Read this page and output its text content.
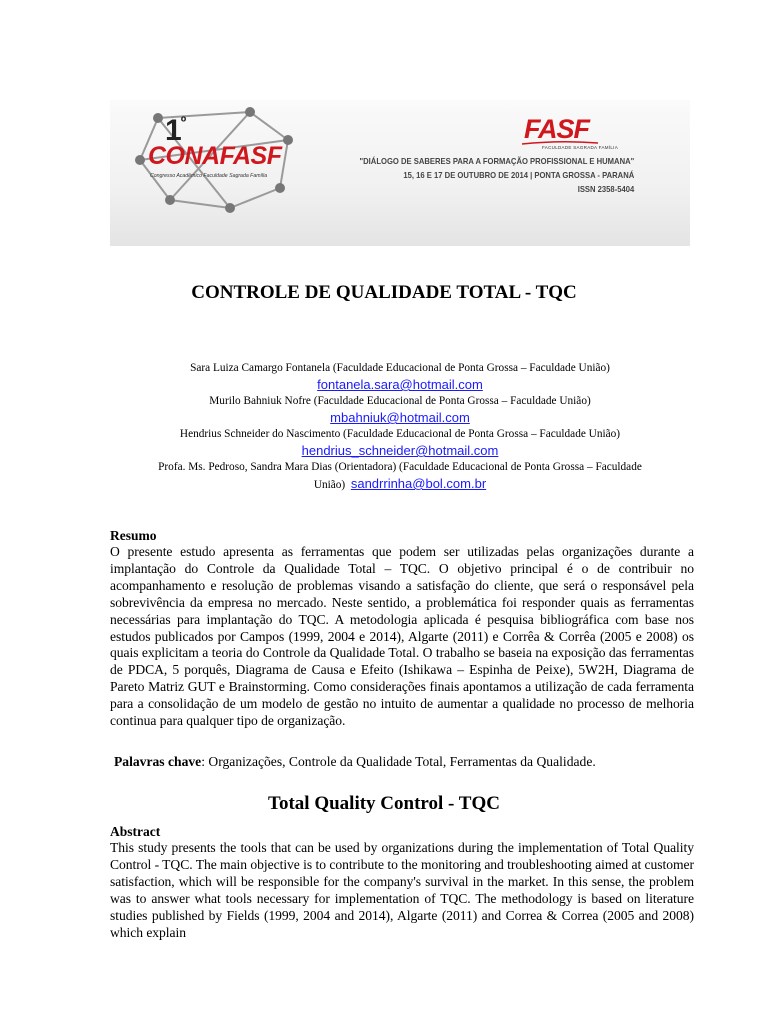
$1^º$
CONAFASF
Congresso Acadêmico Faculdade Sagrada Família
FASF
FACULDADE SAGRADA FAMÍLIA
"DIÁLOGO DE SABERES PARA A FORMAÇÃO PROFISSIONAL E HUMANA"
15, 16 E 17 DE OUTUBRO DE 2014 | PONTA GROSSA - PARANÁ
ISSN 2358-5404
CONTROLE DE QUALIDADE TOTAL - TQC
Sara Luiza Camargo Fontanela (Faculdade Educacional de Ponta Grossa – Faculdade União)
fontanela.sara@hotmail.com
Murilo Bahniuk Nofre (Faculdade Educacional de Ponta Grossa – Faculdade União)
mbahniuk@hotmail.com
Hendrius Schneider do Nascimento (Faculdade Educacional de Ponta Grossa – Faculdade União)
hendrius_schneider@hotmail.com
Profa. Ms. Pedroso, Sandra Mara Dias (Orientadora) (Faculdade Educacional de Ponta Grossa – Faculdade
União) sandrrinha@bol.com.br
Resumo

O presente estudo apresenta as ferramentas que podem ser utilizadas pelas organizações durante a implantação do Controle da Qualidade Total – TQC. O objetivo principal é o de contribuir no acompanhamento e resolução de problemas visando a satisfação do cliente, que será o responsável pela sobrevivência da empresa no mercado. Neste sentido, a problemática foi responder quais as ferramentas necessárias para implantação do TQC. A metodologia aplicada é pesquisa bibliográfica com base nos estudos publicados por Campos (1999, 2004 e 2014), Algarte (2011) e Corrêa & Corrêa (2005 e 2008) os quais explicitam a teoria do Controle da Qualidade Total. O trabalho se baseia na exposição das ferramentas de PDCA, 5 porquês, Diagrama de Causa e Efeito (Ishikawa – Espinha de Peixe), 5W2H, Diagrama de Pareto Matriz GUT e Brainstorming. Como considerações finais apontamos a utilização de cada ferramenta para a consolidação de um modelo de gestão no intuito de aumentar a qualidade no processo de melhoria continua para qualquer tipo de organização.

Palavras chave: Organizações, Controle da Qualidade Total, Ferramentas da Qualidade.
Total Quality Control - TQC
Abstract

This study presents the tools that can be used by organizations during the implementation of Total Quality Control - TQC. The main objective is to contribute to the monitoring and troubleshooting aimed at customer satisfaction, which will be responsible for the company's survival in the market. In this sense, the problem was to answer what tools necessary for implementation of TQC. The methodology is based on literature studies published by Fields (1999, 2004 and 2014), Algarte (2011) and Correa & Correa (2005 and 2008) which explain
